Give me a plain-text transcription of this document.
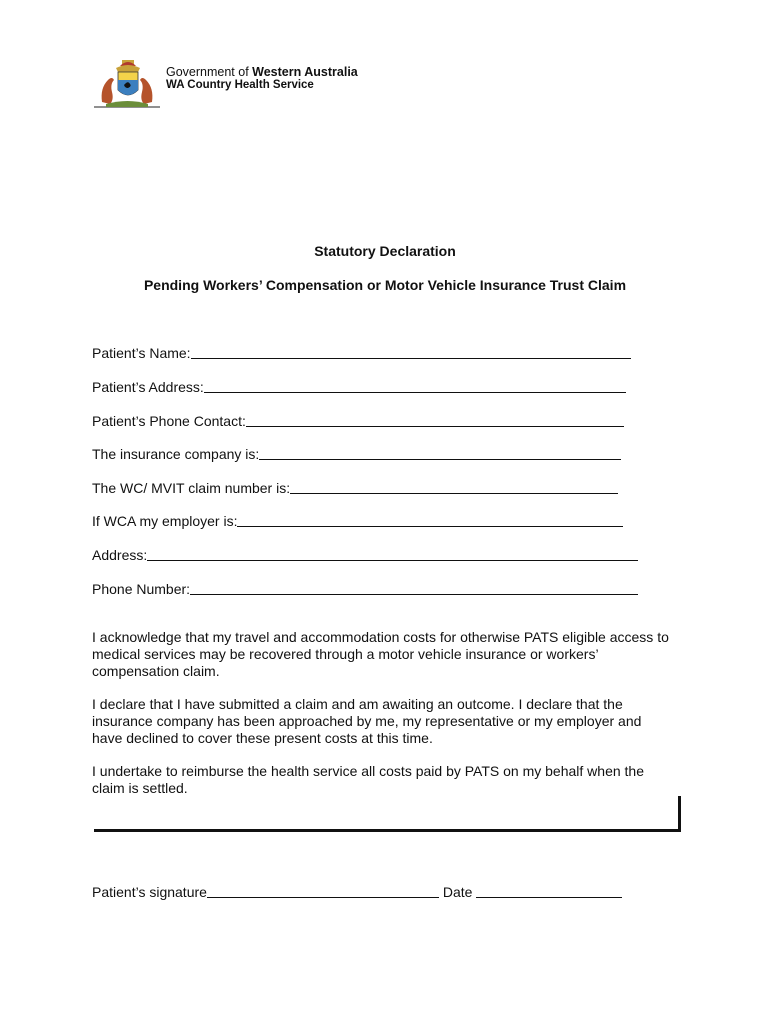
Government of Western Australia
WA Country Health Service
Statutory Declaration
Pending Workers’ Compensation or Motor Vehicle Insurance Trust Claim
Patient’s Name:
Patient’s Address:
Patient’s Phone Contact:
The insurance company is:
The WC/ MVIT claim number is:
If WCA my employer is:
Address:
Phone Number:
I acknowledge that my travel and accommodation costs for otherwise PATS eligible access to medical services may be recovered through a motor vehicle insurance or workers’ compensation claim.
I declare that I have submitted a claim and am awaiting an outcome. I declare that the insurance company has been approached by me, my representative or my employer and have declined to cover these present costs at this time.
I undertake to reimburse the health service all costs paid by PATS on my behalf when the claim is settled.
Patient’s signature	Date
